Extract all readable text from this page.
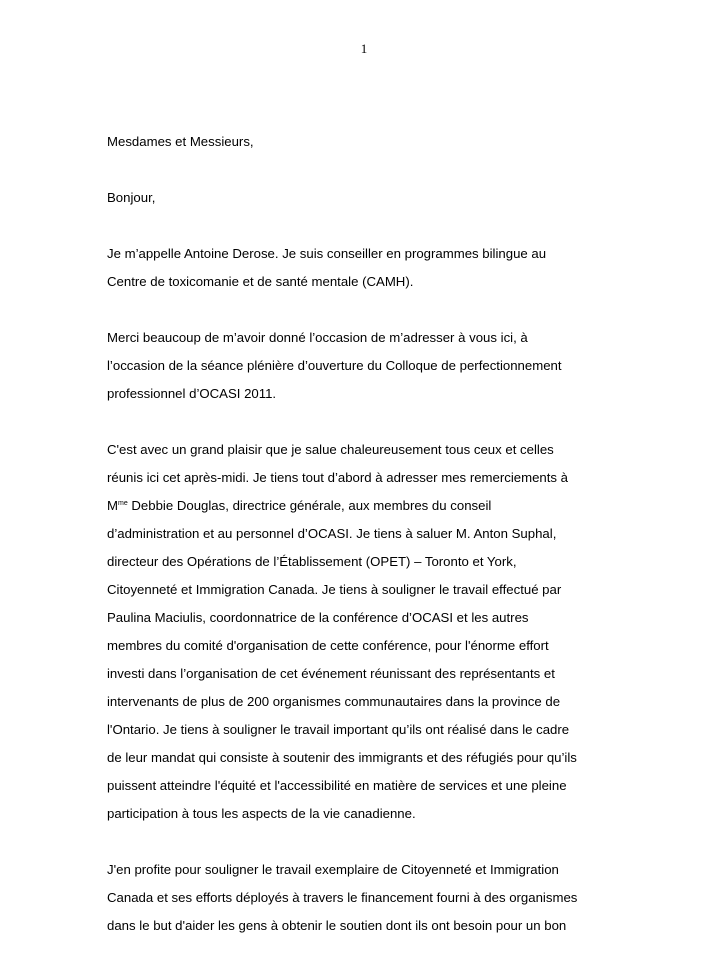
1

Mesdames et Messieurs,

Bonjour,

Je m’appelle Antoine Derose. Je suis conseiller en programmes bilingue au
Centre de toxicomanie et de santé mentale (CAMH).

Merci beaucoup de m’avoir donné l’occasion de m’adresser à vous ici, à
l’occasion de la séance plénière d’ouverture du Colloque de perfectionnement
professionnel d’OCASI 2011.

C'est avec un grand plaisir que je salue chaleureusement tous ceux et celles
réunis ici cet après-midi. Je tiens tout d’abord à adresser mes remerciements à
$M^{me}$ Debbie Douglas, directrice générale, aux membres du conseil
d’administration et au personnel d’OCASI. Je tiens à saluer M. Anton Suphal,
directeur des Opérations de l’Établissement (OPET) – Toronto et York,
Citoyenneté et Immigration Canada. Je tiens à souligner le travail effectué par
Paulina Maciulis, coordonnatrice de la conférence d’OCASI et les autres
membres du comité d'organisation de cette conférence, pour l'énorme effort
investi dans l’organisation de cet événement réunissant des représentants et
intervenants de plus de 200 organismes communautaires dans la province de
l'Ontario. Je tiens à souligner le travail important qu’ils ont réalisé dans le cadre
de leur mandat qui consiste à soutenir des immigrants et des réfugiés pour qu’ils
puissent atteindre l'équité et l'accessibilité en matière de services et une pleine
participation à tous les aspects de la vie canadienne.

J'en profite pour souligner le travail exemplaire de Citoyenneté et Immigration
Canada et ses efforts déployés à travers le financement fourni à des organismes
dans le but d'aider les gens à obtenir le soutien dont ils ont besoin pour un bon
